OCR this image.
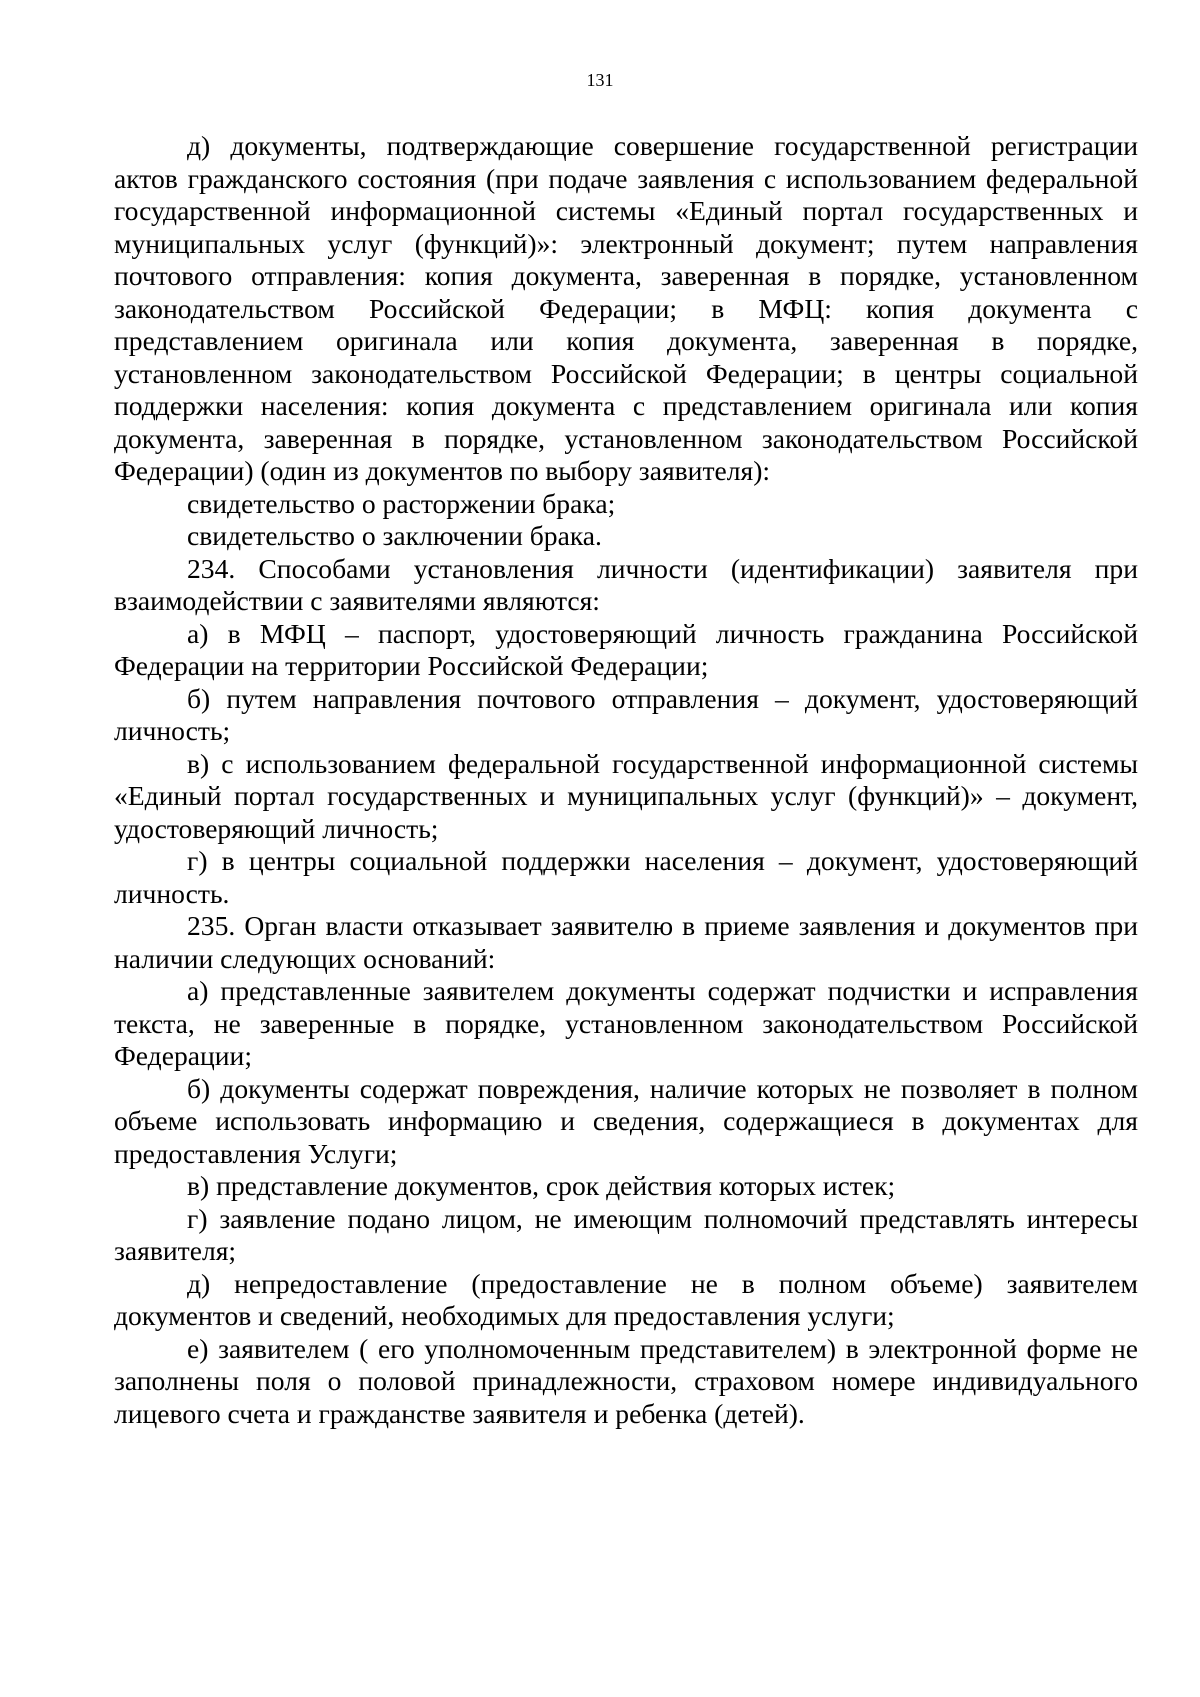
131

д) документы, подтверждающие совершение государственной регистрации актов гражданского состояния (при подаче заявления с использованием федеральной государственной информационной системы «Единый портал государственных и муниципальных услуг (функций)»: электронный документ; путем направления почтового отправления: копия документа, заверенная в порядке, установленном законодательством Российской Федерации; в МФЦ: копия документа с представлением оригинала или копия документа, заверенная в порядке, установленном законодательством Российской Федерации; в центры социальной поддержки населения: копия документа с представлением оригинала или копия документа, заверенная в порядке, установленном законодательством Российской Федерации) (один из документов по выбору заявителя):

свидетельство о расторжении брака;

свидетельство о заключении брака.

234. Способами установления личности (идентификации) заявителя при взаимодействии с заявителями являются:

а) в МФЦ – паспорт, удостоверяющий личность гражданина Российской Федерации на территории Российской Федерации;

б) путем направления почтового отправления – документ, удостоверяющий личность;

в) с использованием федеральной государственной информационной системы «Единый портал государственных и муниципальных услуг (функций)» – документ, удостоверяющий личность;

г) в центры социальной поддержки населения – документ, удостоверяющий личность.

235. Орган власти отказывает заявителю в приеме заявления и документов при наличии следующих оснований:

а) представленные заявителем документы содержат подчистки и исправления текста, не заверенные в порядке, установленном законодательством Российской Федерации;

б) документы содержат повреждения, наличие которых не позволяет в полном объеме использовать информацию и сведения, содержащиеся в документах для предоставления Услуги;

в) представление документов, срок действия которых истек;

г) заявление подано лицом, не имеющим полномочий представлять интересы заявителя;

д) непредоставление (предоставление не в полном объеме) заявителем документов и сведений, необходимых для предоставления услуги;

е) заявителем ( его уполномоченным представителем) в электронной форме не заполнены поля о половой принадлежности, страховом номере индивидуального лицевого счета и гражданстве заявителя и ребенка (детей).
